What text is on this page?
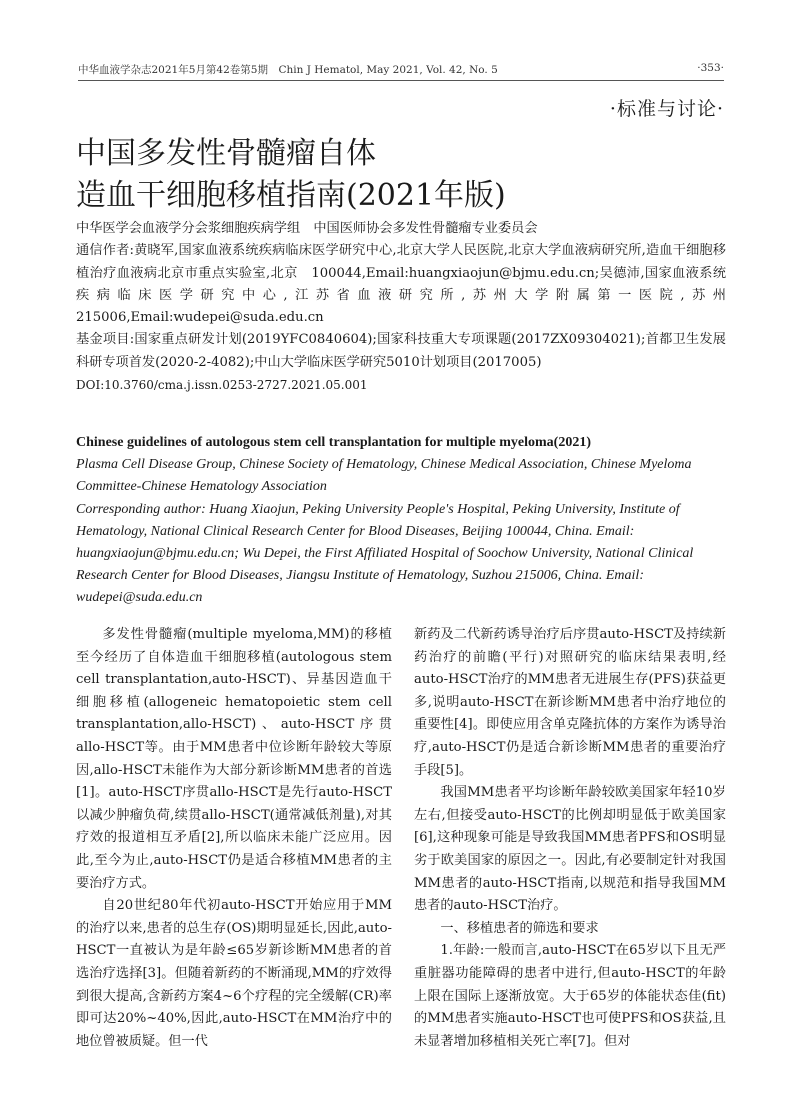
中华血液学杂志2021年5月第42卷第5期　Chin J Hematol, May 2021, Vol. 42, No. 5	·353·
·标准与讨论·
中国多发性骨髓瘤自体
造血干细胞移植指南(2021年版)

中华医学会血液学分会浆细胞疾病学组　中国医师协会多发性骨髓瘤专业委员会

通信作者:黄晓军,国家血液系统疾病临床医学研究中心,北京大学人民医院,北京大学血液病研究所,造血干细胞移植治疗血液病北京市重点实验室,北京　100044,Email:huangxiaojun@bjmu.edu.cn;吴德沛,国家血液系统疾病临床医学研究中心,江苏省血液研究所,苏州大学附属第一医院,苏州　215006,Email:wudepei@suda.edu.cn

基金项目:国家重点研发计划(2019YFC0840604);国家科技重大专项课题(2017ZX09304021);首都卫生发展科研专项首发(2020-2-4082);中山大学临床医学研究5010计划项目(2017005)

DOI:10.3760/cma.j.issn.0253-2727.2021.05.001

Chinese guidelines of autologous stem cell transplantation for multiple myeloma(2021)

Plasma Cell Disease Group, Chinese Society of Hematology, Chinese Medical Association, Chinese Myeloma Committee-Chinese Hematology Association

Corresponding author: Huang Xiaojun, Peking University People's Hospital, Peking University, Institute of Hematology, National Clinical Research Center for Blood Diseases, Beijing 100044, China. Email: huangxiaojun@bjmu.edu.cn; Wu Depei, the First Affiliated Hospital of Soochow University, National Clinical Research Center for Blood Diseases, Jiangsu Institute of Hematology, Suzhou 215006, China. Email: wudepei@suda.edu.cn

多发性骨髓瘤(multiple myeloma,MM)的移植至今经历了自体造血干细胞移植(autologous stem cell transplantation,auto-HSCT)、异基因造血干细胞移植(allogeneic hematopoietic stem cell transplantation,allo-HSCT)、auto-HSCT序贯allo-HSCT等。由于MM患者中位诊断年龄较大等原因,allo-HSCT未能作为大部分新诊断MM患者的首选[1]。auto-HSCT序贯allo-HSCT是先行auto-HSCT以减少肿瘤负荷,续贯allo-HSCT(通常减低剂量),对其疗效的报道相互矛盾[2],所以临床未能广泛应用。因此,至今为止,auto-HSCT仍是适合移植MM患者的主要治疗方式。

自20世纪80年代初auto-HSCT开始应用于MM的治疗以来,患者的总生存(OS)期明显延长,因此,auto-HSCT一直被认为是年龄≤65岁新诊断MM患者的首选治疗选择[3]。但随着新药的不断涌现,MM的疗效得到很大提高,含新药方案4~6个疗程的完全缓解(CR)率即可达20%~40%,因此,auto-HSCT在MM治疗中的地位曾被质疑。但一代

新药及二代新药诱导治疗后序贯auto-HSCT及持续新药治疗的前瞻(平行)对照研究的临床结果表明,经auto-HSCT治疗的MM患者无进展生存(PFS)获益更多,说明auto-HSCT在新诊断MM患者中治疗地位的重要性[4]。即使应用含单克隆抗体的方案作为诱导治疗,auto-HSCT仍是适合新诊断MM患者的重要治疗手段[5]。

我国MM患者平均诊断年龄较欧美国家年轻10岁左右,但接受auto-HSCT的比例却明显低于欧美国家[6],这种现象可能是导致我国MM患者PFS和OS明显劣于欧美国家的原因之一。因此,有必要制定针对我国MM患者的auto-HSCT指南,以规范和指导我国MM患者的auto-HSCT治疗。

一、移植患者的筛选和要求

1.年龄:一般而言,auto-HSCT在65岁以下且无严重脏器功能障碍的患者中进行,但auto-HSCT的年龄上限在国际上逐渐放宽。大于65岁的体能状态佳(fit)的MM患者实施auto-HSCT也可使PFS和OS获益,且未显著增加移植相关死亡率[7]。但对
